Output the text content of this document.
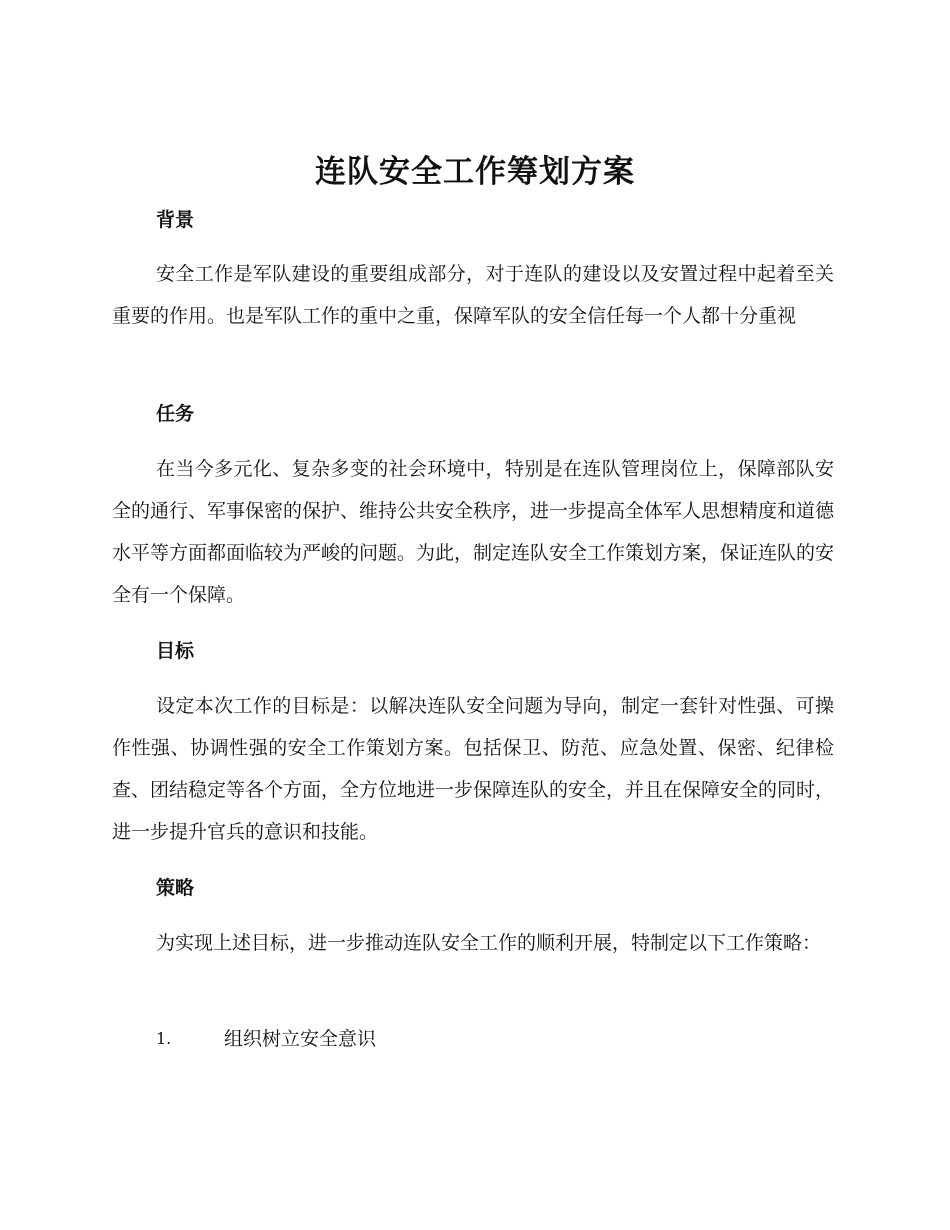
连队安全工作筹划方案
背景
安全工作是军队建设的重要组成部分，对于连队的建设以及安置过程中起着至关重要的作用。也是军队工作的重中之重，保障军队的安全信任每一个人都十分重视
任务
在当今多元化、复杂多变的社会环境中，特别是在连队管理岗位上，保障部队安全的通行、军事保密的保护、维持公共安全秩序，进一步提高全体军人思想精度和道德水平等方面都面临较为严峻的问题。为此，制定连队安全工作策划方案，保证连队的安全有一个保障。
目标
设定本次工作的目标是：以解决连队安全问题为导向，制定一套针对性强、可操作性强、协调性强的安全工作策划方案。包括保卫、防范、应急处置、保密、纪律检查、团结稳定等各个方面，全方位地进一步保障连队的安全，并且在保障安全的同时，进一步提升官兵的意识和技能。
策略
为实现上述目标，进一步推动连队安全工作的顺利开展，特制定以下工作策略：
1.	组织树立安全意识
